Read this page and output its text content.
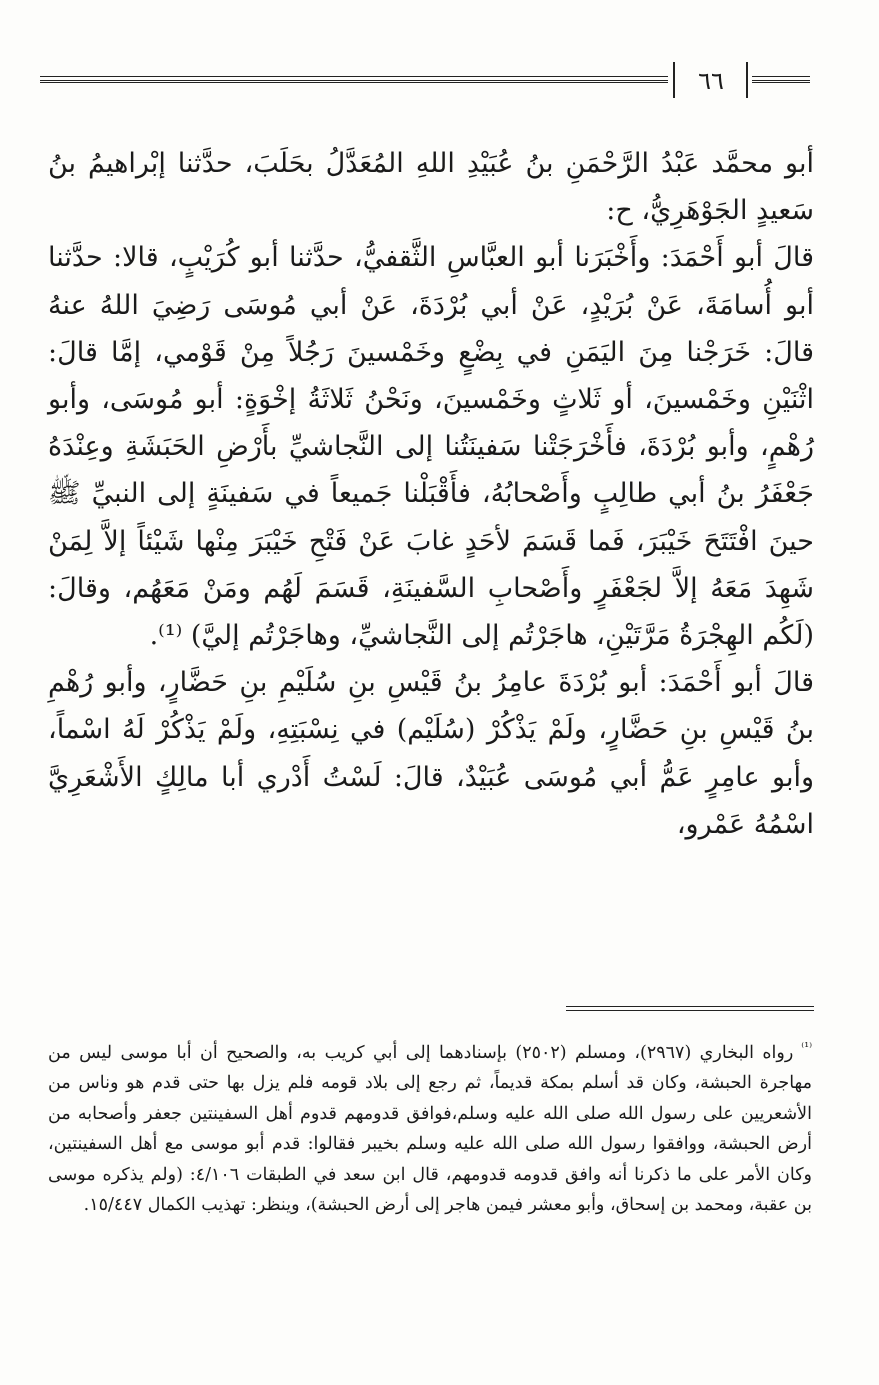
٦٦

أبو محمَّد عَبْدُ الرَّحْمَنِ بنُ عُبَيْدِ اللهِ المُعَدَّلُ بحَلَبَ، حدَّثنا إبْراهيمُ بنُ سَعيدٍ الجَوْهَرِيُّ، ح:

قالَ أبو أَحْمَدَ: وأَخْبَرَنا أبو العبَّاسِ الثَّقفيُّ، حدَّثنا أبو كُرَيْبٍ، قالا: حدَّثنا أبو أُسامَةَ، عَنْ بُرَيْدٍ، عَنْ أبي بُرْدَةَ، عَنْ أبي مُوسَى رَضِيَ اللهُ عنهُ قالَ: خَرَجْنا مِنَ اليَمَنِ في بِضْعٍ وخَمْسينَ رَجُلاً مِنْ قَوْمي، إمَّا قالَ: اثْنَيْنِ وخَمْسينَ، أو ثَلاثٍ وخَمْسينَ، ونَحْنُ ثَلاثَةُ إخْوَةٍ: أبو مُوسَى، وأبو رُهْمٍ، وأبو بُرْدَةَ، فأَخْرَجَتْنا سَفينَتُنا إلى النَّجاشيِّ بأَرْضِ الحَبَشَةِ وعِنْدَهُ جَعْفَرُ بنُ أبي طالِبٍ وأَصْحابُهُ، فأَقْبَلْنا جَميعاً في سَفينَةٍ إلى النبيِّ ﷺ حينَ افْتَتَحَ خَيْبَرَ، فَما قَسَمَ لأحَدٍ غابَ عَنْ فَتْحِ خَيْبَرَ مِنْها شَيْئاً إلاَّ لِمَنْ شَهِدَ مَعَهُ إلاَّ لجَعْفَرٍ وأَصْحابِ السَّفينَةِ، قَسَمَ لَهُم ومَنْ مَعَهُم، وقالَ: (لَكُم الهِجْرَةُ مَرَّتَيْنِ، هاجَرْتُم إلى النَّجاشيِّ، وهاجَرْتُم إليَّ) ⁽¹⁾.

قالَ أبو أَحْمَدَ: أبو بُرْدَةَ عامِرُ بنُ قَيْسِ بنِ سُلَيْمِ بنِ حَضَّارٍ، وأبو رُهْمِ بنُ قَيْسِ بنِ حَضَّارٍ، ولَمْ يَذْكُرْ (سُلَيْم) في نِسْبَتِهِ، ولَمْ يَذْكُرْ لَهُ اسْماً، وأبو عامِرٍ عَمُّ أبي مُوسَى عُبَيْدٌ، قالَ: لَسْتُ أَدْري أبا مالِكٍ الأَشْعَرِيَّ اسْمُهُ عَمْرو،

$^{^{(1)}}$رواه البخاري (٢٩٦٧)، ومسلم (٢٥٠٢) بإسنادهما إلى أبي كريب به، والصحيح أن أبا موسى ليس من مهاجرة الحبشة، وكان قد أسلم بمكة قديماً، ثم رجع إلى بلاد قومه فلم يزل بها حتى قدم هو وناس من الأشعريين على رسول الله صلى الله عليه وسلم،فوافق قدومهم قدوم أهل السفينتين جعفر وأصحابه من أرض الحبشة، ووافقوا رسول الله صلى الله عليه وسلم بخيبر فقالوا: قدم أبو موسى مع أهل السفينتين، وكان الأمر على ما ذكرنا أنه وافق قدومه قدومهم، قال ابن سعد في الطبقات ٤/١٠٦: (ولم يذكره موسى بن عقبة، ومحمد بن إسحاق، وأبو معشر فيمن هاجر إلى أرض الحبشة)، وينظر: تهذيب الكمال ١٥/٤٤٧.
